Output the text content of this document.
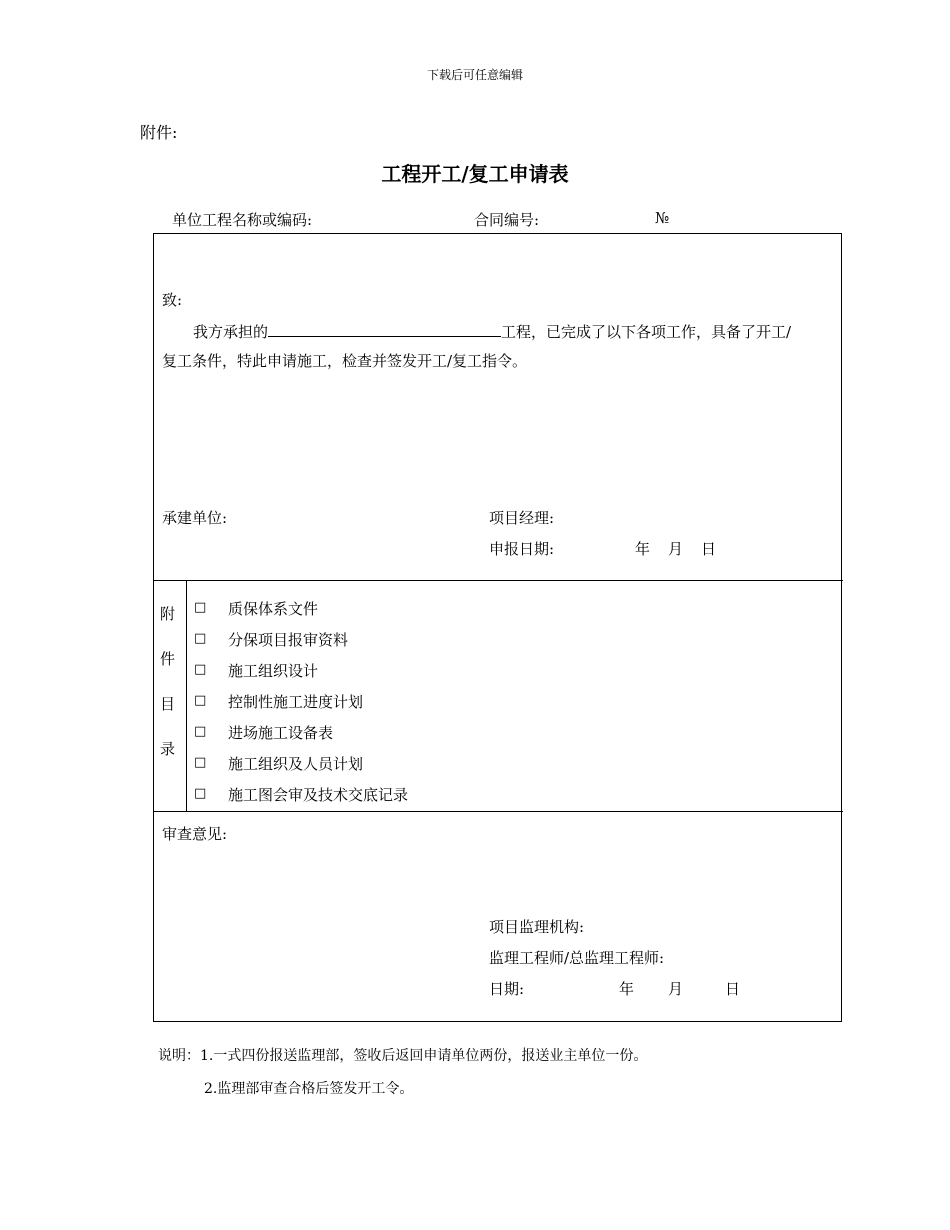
下载后可任意编辑
附件:
工程开工/复工申请表
单位工程名称或编码:	合同编号:	№
致:
我方承担的	工程，已完成了以下各项工作，具备了开工/
复工条件，特此申请施工，检查并签发开工/复工指令。
承建单位:	项目经理:
申报日期:	年 月 日
附
件
目
录
□ 质保体系文件
□ 分保项目报审资料
□ 施工组织设计
□ 控制性施工进度计划
□ 进场施工设备表
□ 施工组织及人员计划
□ 施工图会审及技术交底记录
审查意见:
项目监理机构:
监理工程师/总监理工程师:
日期:	年 月	日
说明：1.一式四份报送监理部，签收后返回申请单位两份，报送业主单位一份。
2.监理部审查合格后签发开工令。
